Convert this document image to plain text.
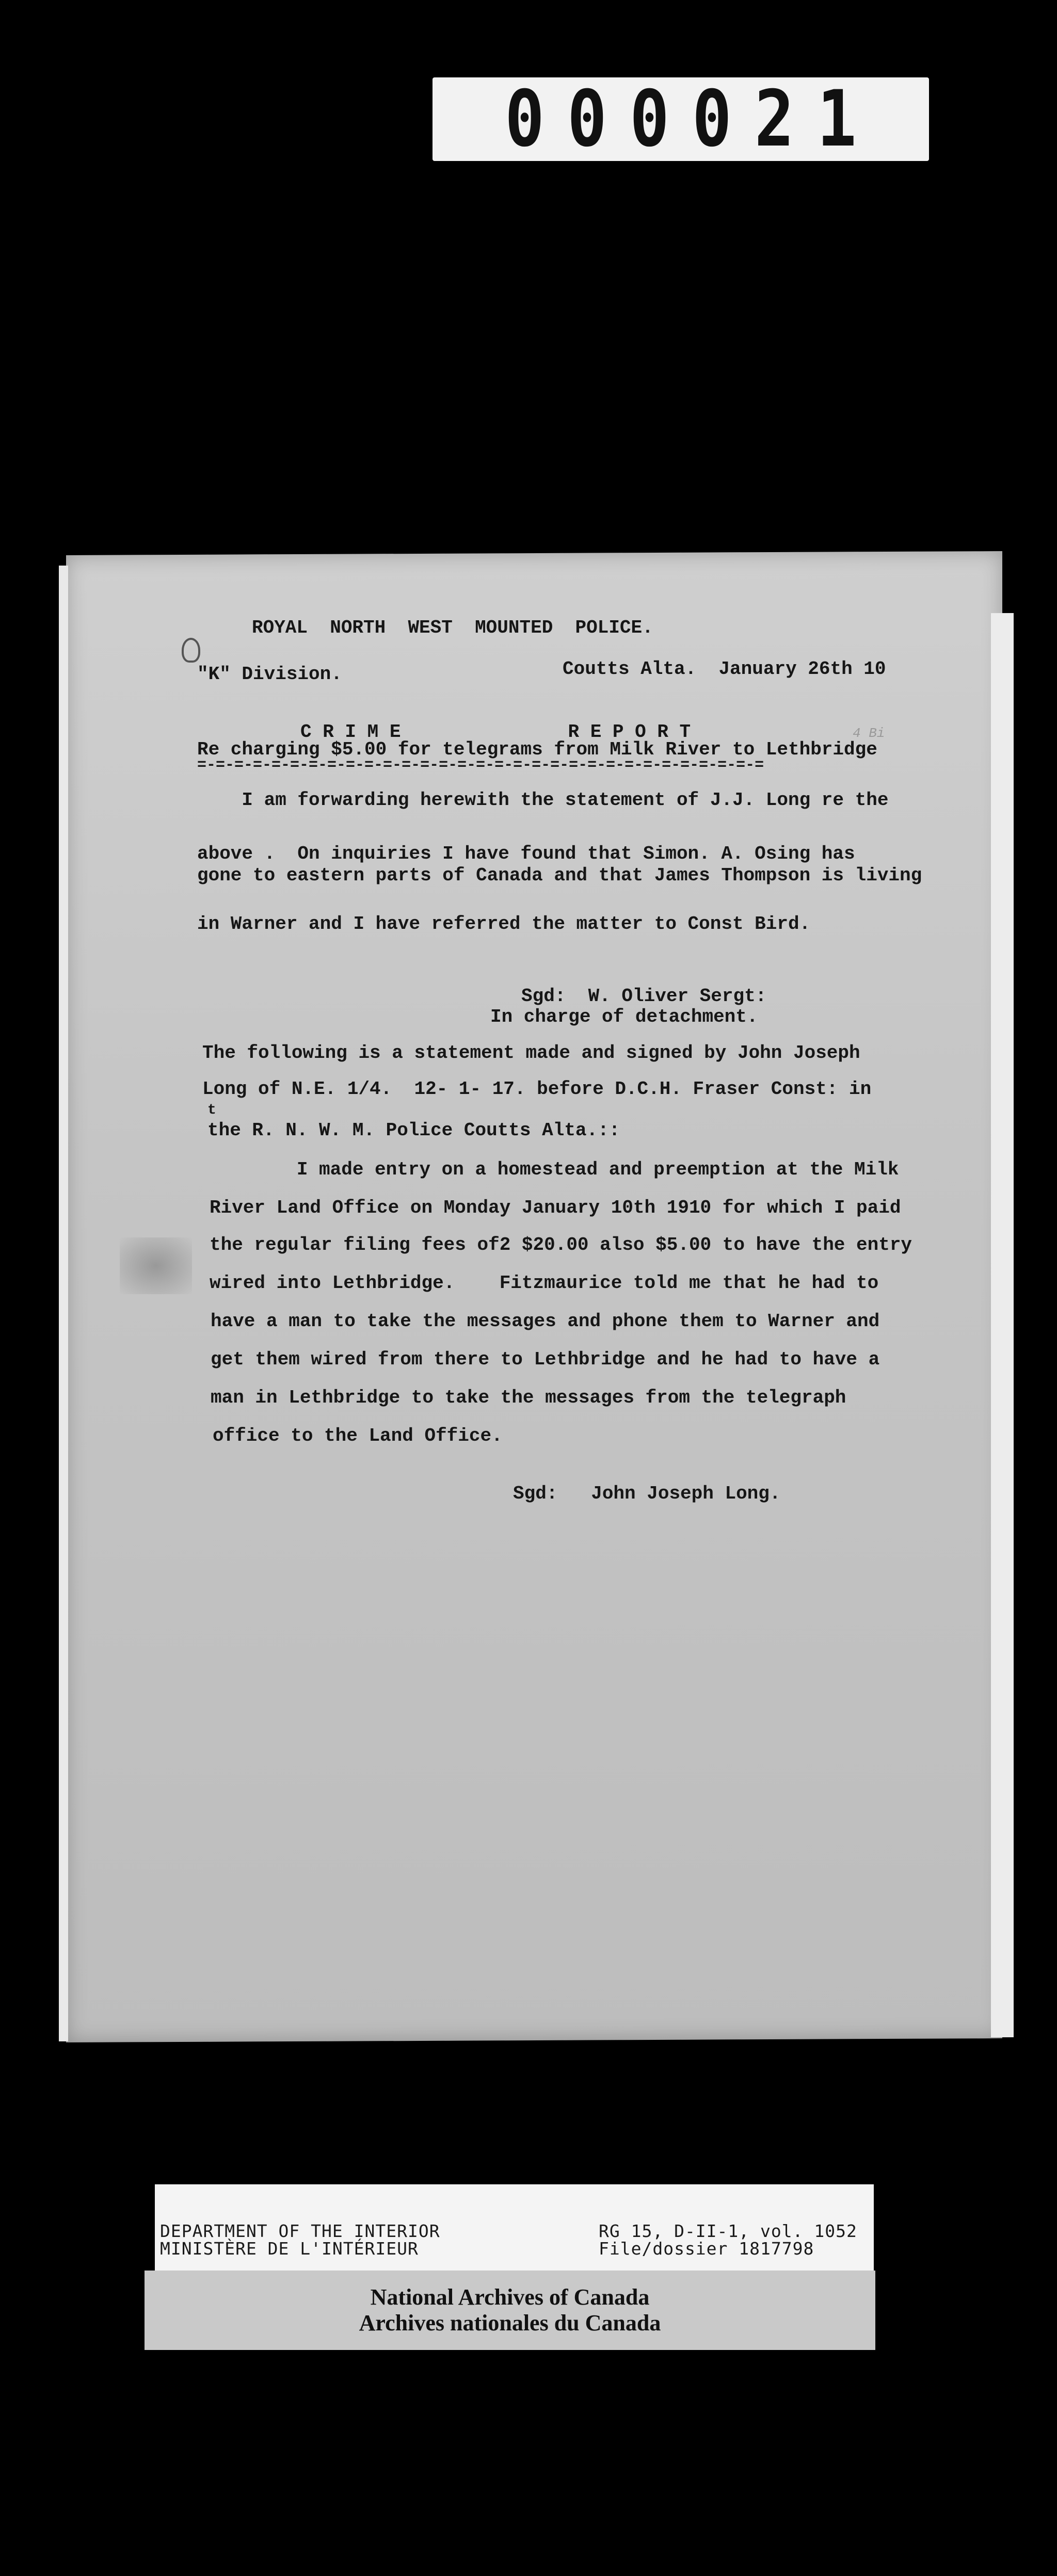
000021
ROYAL  NORTH  WEST  MOUNTED  POLICE.
"K" Division.	Coutts Alta.  January 26th 10
C R I M E               R E P O R T
Re charging $5.00 for telegrams from Milk River to Lethbridge
=-=-=-=-=-=-=-=-=-=-=-=-=-=-=-=-=-=-=-=-=-=-=-=-=-=-=-=-=-=-=
4 Bi
I am forwarding herewith the statement of J.J. Long re the
above .  On inquiries I have found that Simon. A. Osing has
gone to eastern parts of Canada and that James Thompson is living
in Warner and I have referred the matter to Const Bird.
Sgd:  W. Oliver Sergt:
In charge of detachment.
The following is a statement made and signed by John Joseph
Long of N.E. 1/4.  12- 1- 17. before D.C.H. Fraser Const: in
t
the R. N. W. M. Police Coutts Alta.::
I made entry on a homestead and preemption at the Milk
River Land Office on Monday January 10th 1910 for which I paid
the regular filing fees of2 $20.00 also $5.00 to have the entry
wired into Lethbridge.    Fitzmaurice told me that he had to
have a man to take the messages and phone them to Warner and
get them wired from there to Lethbridge and he had to have a
man in Lethbridge to take the messages from the telegraph
office to the Land Office.
Sgd:   John Joseph Long.
DEPARTMENT OF THE INTERIOR
MINISTÈRE DE L'INTÉRIEUR
RG 15, D-II-1, vol. 1052
File/dossier 1817798
National Archives of Canada
Archives nationales du Canada
